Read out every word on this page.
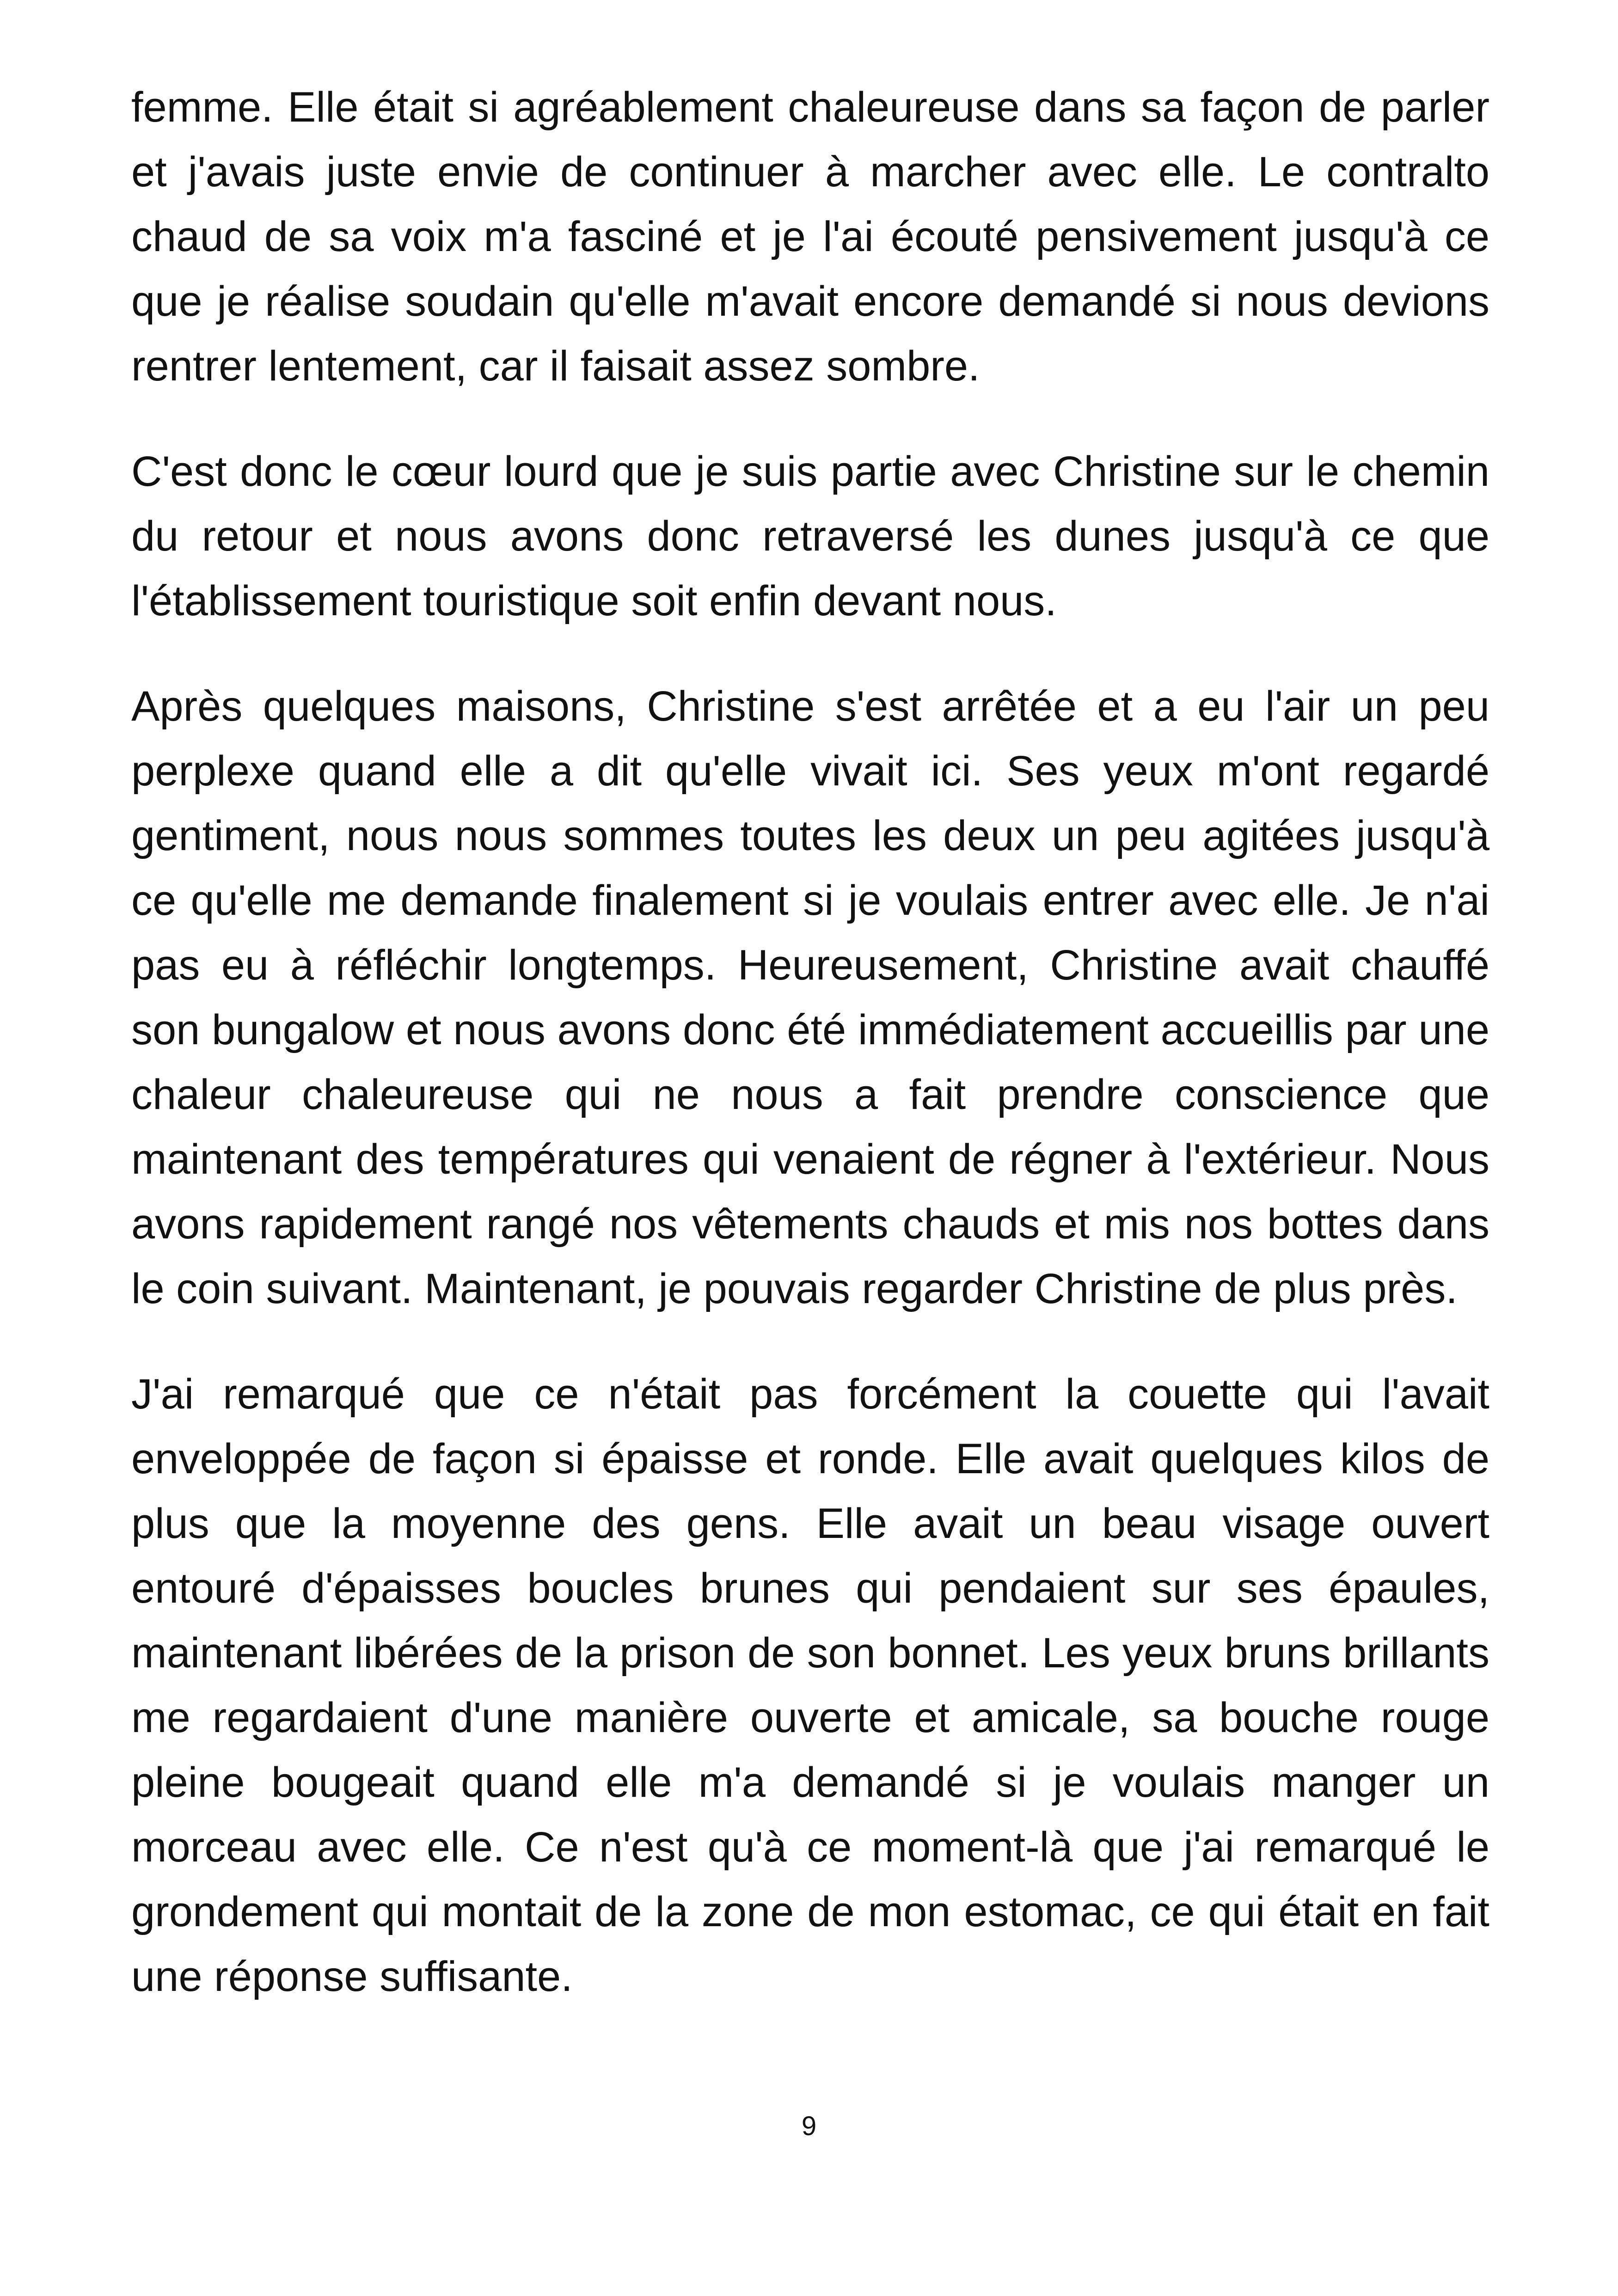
femme. Elle était si agréablement chaleureuse dans sa façon de parler et j'avais juste envie de continuer à marcher avec elle. Le contralto chaud de sa voix m'a fasciné et je l'ai écouté pensivement jusqu'à ce que je réalise soudain qu'elle m'avait encore demandé si nous devions rentrer lentement, car il faisait assez sombre.

C'est donc le cœur lourd que je suis partie avec Christine sur le chemin du retour et nous avons donc retraversé les dunes jusqu'à ce que l'établissement touristique soit enfin devant nous.

Après quelques maisons, Christine s'est arrêtée et a eu l'air un peu perplexe quand elle a dit qu'elle vivait ici. Ses yeux m'ont regardé gentiment, nous nous sommes toutes les deux un peu agitées jusqu'à ce qu'elle me demande finalement si je voulais entrer avec elle. Je n'ai pas eu à réfléchir longtemps. Heureusement, Christine avait chauffé son bungalow et nous avons donc été immédiatement accueillis par une chaleur chaleureuse qui ne nous a fait prendre conscience que maintenant des températures qui venaient de régner à l'extérieur. Nous avons rapidement rangé nos vêtements chauds et mis nos bottes dans le coin suivant. Maintenant, je pouvais regarder Christine de plus près.

J'ai remarqué que ce n'était pas forcément la couette qui l'avait enveloppée de façon si épaisse et ronde. Elle avait quelques kilos de plus que la moyenne des gens. Elle avait un beau visage ouvert entouré d'épaisses boucles brunes qui pendaient sur ses épaules, maintenant libérées de la prison de son bonnet. Les yeux bruns brillants me regardaient d'une manière ouverte et amicale, sa bouche rouge pleine bougeait quand elle m'a demandé si je voulais manger un morceau avec elle. Ce n'est qu'à ce moment-là que j'ai remarqué le grondement qui montait de la zone de mon estomac, ce qui était en fait une réponse suffisante.

9
